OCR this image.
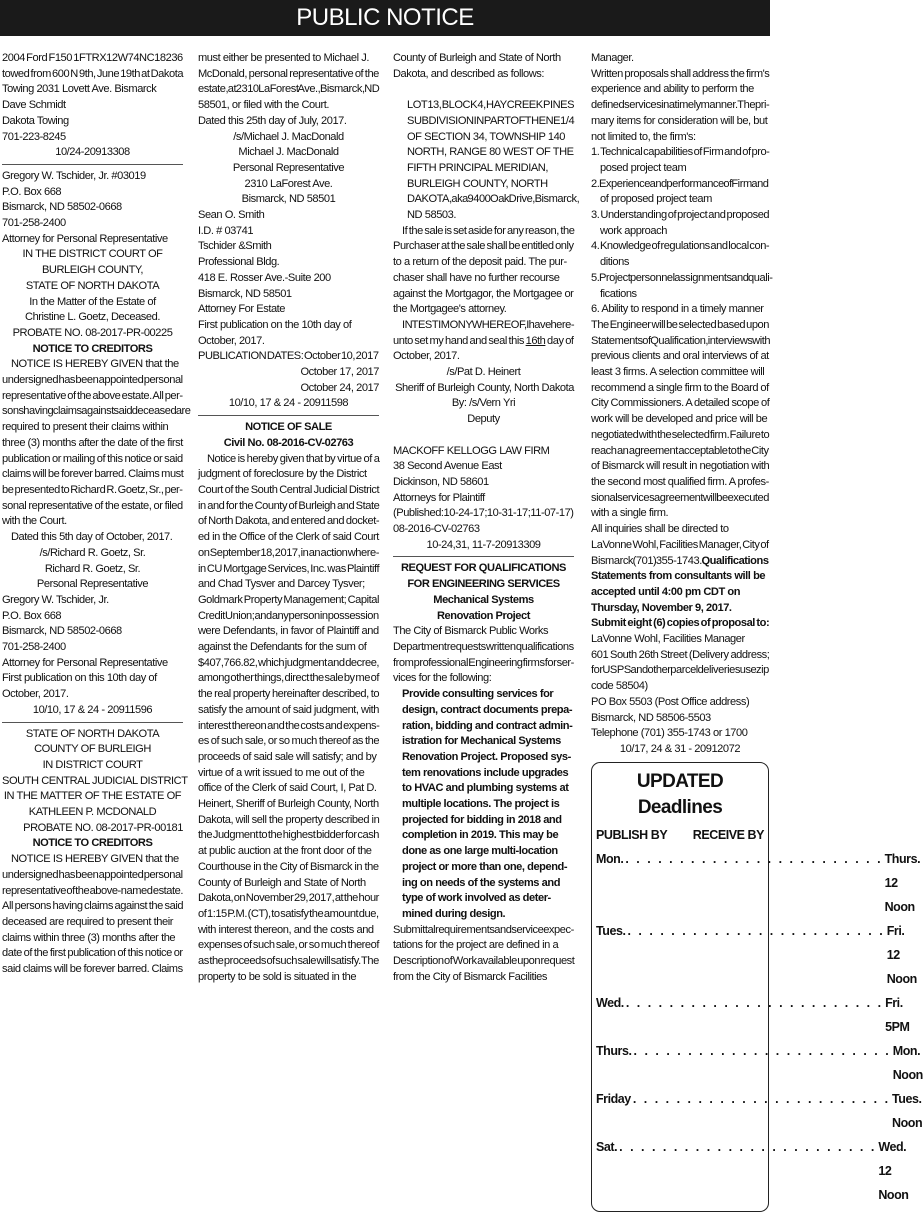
PUBLIC NOTICE
2004 Ford F150 1FTRX12W74NC18236
towed from 600 N 9th, June 19th at Dakota
Towing 2031 Lovett Ave. Bismarck
Dave Schmidt
Dakota Towing
701-223-8245
10/24-20913308
Gregory W. Tschider, Jr. #03019
P.O. Box 668
Bismarck, ND 58502-0668
701-258-2400
Attorney for Personal Representative
IN THE DISTRICT COURT OF
BURLEIGH COUNTY,
STATE OF NORTH DAKOTA
In the Matter of the Estate of
Christine L. Goetz, Deceased.
PROBATE NO. 08-2017-PR-00225
NOTICE TO CREDITORS
NOTICE IS HEREBY GIVEN that the
undersigned has been appointed personal
representative of the above estate. All per-
sons having claims against said deceased are
required to present their claims within
three (3) months after the date of the first
publication or mailing of this notice or said
claims will be forever barred. Claims must
be presented to Richard R. Goetz, Sr., per-
sonal representative of the estate, or filed
with the Court.
Dated this 5th day of October, 2017.
/s/Richard R. Goetz, Sr.
Richard R. Goetz, Sr.
Personal Representative
Gregory W. Tschider, Jr.
P.O. Box 668
Bismarck, ND 58502-0668
701-258-2400
Attorney for Personal Representative
First publication on this 10th day of
October, 2017.
10/10, 17 & 24 - 20911596
STATE OF NORTH DAKOTA
COUNTY OF BURLEIGH
IN DISTRICT COURT
SOUTH CENTRAL JUDICIAL DISTRICT
IN THE MATTER OF THE ESTATE OF
KATHLEEN P. MCDONALD
PROBATE NO. 08-2017-PR-00181
NOTICE TO CREDITORS
NOTICE IS HEREBY GIVEN that the
undersigned has been appointed personal
representative of the above-named estate.
All persons having claims against the said
deceased are required to present their
claims within three (3) months after the
date of the first publication of this notice or
said claims will be forever barred. Claims
must either be presented to Michael J.
McDonald, personal representative of the
estate, at 2310 LaForest Ave., Bismarck, ND
58501, or filed with the Court.
Dated this 25th day of July, 2017.
/s/Michael J. MacDonald
Michael J. MacDonald
Personal Representative
2310 LaForest Ave.
Bismarck, ND 58501
Sean O. Smith
I.D. # 03741
Tschider &Smith
Professional Bldg.
418 E. Rosser Ave.-Suite 200
Bismarck, ND 58501
Attorney For Estate
First publication on the 10th day of
October, 2017.
PUBLICATION DATES: October 10, 2017
October 17, 2017
October 24, 2017
10/10, 17 & 24 - 20911598
NOTICE OF SALE
Civil No. 08-2016-CV-02763
Notice is hereby given that by virtue of a
judgment of foreclosure by the District
Court of the South Central Judicial District
in and for the County of Burleigh and State
of North Dakota, and entered and docket-
ed in the Office of the Clerk of said Court
on September 18, 2017, in an action where-
in CU Mortgage Services, Inc. was Plaintiff
and Chad Tysver and Darcey Tysver;
Goldmark Property Management; Capital
Credit Union; and any person in possession
were Defendants, in favor of Plaintiff and
against the Defendants for the sum of
$407,766.82, which judgment and decree,
among other things, direct the sale by me of
the real property hereinafter described, to
satisfy the amount of said judgment, with
interest thereon and the costs and expens-
es of such sale, or so much thereof as the
proceeds of said sale will satisfy; and by
virtue of a writ issued to me out of the
office of the Clerk of said Court, I, Pat D.
Heinert, Sheriff of Burleigh County, North
Dakota, will sell the property described in
the Judgment to the highest bidder for cash
at public auction at the front door of the
Courthouse in the City of Bismarck in the
County of Burleigh and State of North
Dakota, on November 29, 2017, at the hour
of 1:15 P.M. (CT), to satisfy the amount due,
with interest thereon, and the costs and
expenses of such sale, or so much thereof
as the proceeds of such sale will satisfy. The
property to be sold is situated in the
County of Burleigh and State of North
Dakota, and described as follows:
LOT 13, BLOCK 4, HAY CREEK PINES
SUBDIVISION IN PART OF THE NE1/4
OF SECTION 34, TOWNSHIP 140
NORTH, RANGE 80 WEST OF THE
FIFTH PRINCIPAL MERIDIAN,
BURLEIGH COUNTY, NORTH
DAKOTA, aka 9400 Oak Drive, Bismarck,
ND 58503.
If the sale is set aside for any reason, the
Purchaser at the sale shall be entitled only
to a return of the deposit paid. The pur-
chaser shall have no further recourse
against the Mortgagor, the Mortgagee or
the Mortgagee's attorney.
IN TESTIMONY WHEREOF, I have here-
unto set my hand and seal this 16th day of
October, 2017.
/s/Pat D. Heinert
Sheriff of Burleigh County, North Dakota
By: /s/Vern Yri
Deputy
MACKOFF KELLOGG LAW FIRM
38 Second Avenue East
Dickinson, ND 58601
Attorneys for Plaintiff
(Published: 10-24-17; 10-31-17; 11-07-17)
08-2016-CV-02763
10-24,31, 11-7-20913309
REQUEST FOR QUALIFICATIONS
FOR ENGINEERING SERVICES
Mechanical Systems
Renovation Project
The City of Bismarck Public Works
Department requests written qualifications
from professional Engineering firms for ser-
vices for the following:
Provide consulting services for
design, contract documents prepa-
ration, bidding and contract admin-
istration for Mechanical Systems
Renovation Project. Proposed sys-
tem renovations include upgrades
to HVAC and plumbing systems at
multiple locations. The project is
projected for bidding in 2018 and
completion in 2019. This may be
done as one large multi-location
project or more than one, depend-
ing on needs of the systems and
type of work involved as deter-
mined during design.
Submittal requirements and service expec-
tations for the project are defined in a
Description of Work available upon request
from the City of Bismarck Facilities
Manager.
Written proposals shall address the firm's
experience and ability to perform the
defined services in a timely manner. The pri-
mary items for consideration will be, but
not limited to, the firm's:
1. Technical capabilities of Firm and of pro-
posed project team
2. Experience and performance of Firm and
of proposed project team
3. Understanding of project and proposed
work approach
4. Knowledge of regulations and local con-
ditions
5. Project personnel assignments and quali-
fications
6. Ability to respond in a timely manner
The Engineer will be selected based upon
Statements of Qualification, interviews with
previous clients and oral interviews of at
least 3 firms. A selection committee will
recommend a single firm to the Board of
City Commissioners. A detailed scope of
work will be developed and price will be
negotiated with the selected firm. Failure to
reach an agreement acceptable to the City
of Bismarck will result in negotiation with
the second most qualified firm. A profes-
sional services agreement will be executed
with a single firm.
All inquiries shall be directed to
LaVonne Wohl, Facilities Manager, City of
Bismarck (701) 355-1743. Qualifications
Statements from consultants will be
accepted until 4:00 pm CDT on
Thursday, November 9, 2017.
Submit eight (6) copies of proposal to:
LaVonne Wohl, Facilities Manager
601 South 26th Street (Delivery address;
for USPS and other parcel deliveries use zip
code 58504)
PO Box 5503 (Post Office address)
Bismarck, ND 58506-5503
Telephone (701) 355-1743 or 1700
10/17, 24 & 31 - 20912072
UPDATED Deadlines
PUBLISH BY RECEIVE BY
Mon. . . . . . . . . . . . . . . . . . . . . . . . . Thurs. 12 Noon
Tues. . . . . . . . . . . . . . . . . . . . . . . . . Fri. 12 Noon
Wed. . . . . . . . . . . . . . . . . . . . . . . . . Fri. 5PM
Thurs. . . . . . . . . . . . . . . . . . . . . . . . . Mon. Noon
Friday . . . . . . . . . . . . . . . . . . . . . . . . Tues. Noon
Sat. . . . . . . . . . . . . . . . . . . . . . . . . Wed. 12 Noon
